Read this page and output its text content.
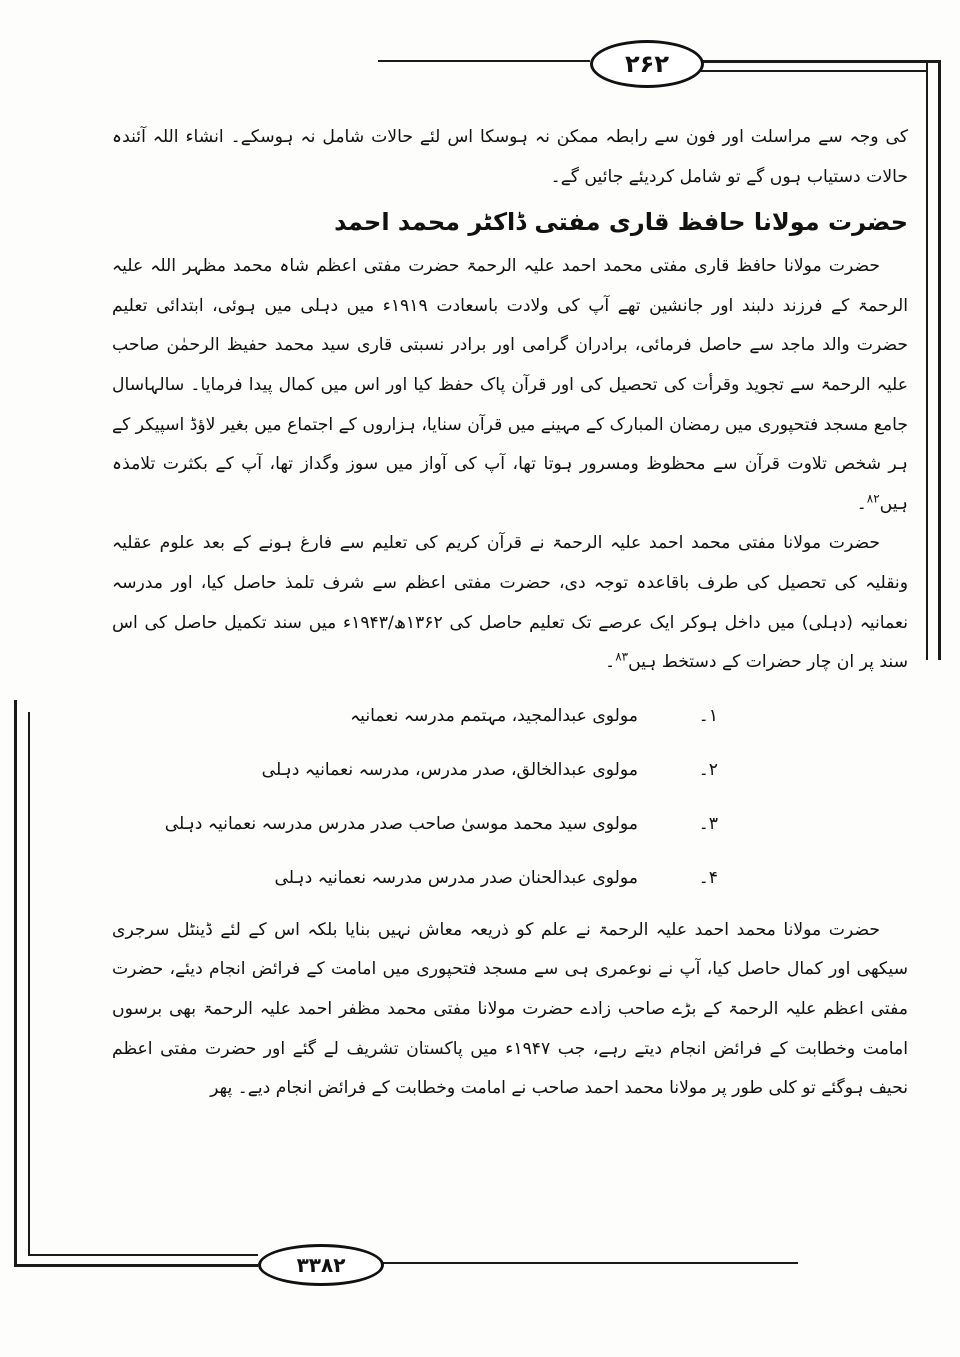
۲۶۲
۳۳۸۲

کی وجہ سے مراسلت اور فون سے رابطہ ممکن نہ ہوسکا اس لئے حالات شامل نہ ہوسکے۔ انشاء اللہ آئندہ حالات دستیاب ہوں گے تو شامل کردیئے جائیں گے۔

حضرت مولانا حافظ قاری مفتی ڈاکٹر محمد احمد

حضرت مولانا حافظ قاری مفتی محمد احمد علیہ الرحمۃ حضرت مفتی اعظم شاہ محمد مظہر اللہ علیہ الرحمۃ کے فرزند دلبند اور جانشین تھے آپ کی ولادت باسعادت ۱۹۱۹ء میں دہلی میں ہوئی، ابتدائی تعلیم حضرت والد ماجد سے حاصل فرمائی، برادران گرامی اور برادر نسبتی قاری سید محمد حفیظ الرحمٰن صاحب علیہ الرحمۃ سے تجوید وقرأت کی تحصیل کی اور قرآن پاک حفظ کیا اور اس میں کمال پیدا فرمایا۔ سالہاسال جامع مسجد فتحپوری میں رمضان المبارک کے مہینے میں قرآن سنایا، ہزاروں کے اجتماع میں بغیر لاؤڈ اسپیکر کے ہر شخص تلاوت قرآن سے محظوظ ومسرور ہوتا تھا، آپ کی آواز میں سوز وگداز تھا، آپ کے بکثرت تلامذہ ہیں$^{۸۲}$۔

حضرت مولانا مفتی محمد احمد علیہ الرحمۃ نے قرآن کریم کی تعلیم سے فارغ ہونے کے بعد علوم عقلیہ ونقلیہ کی تحصیل کی طرف باقاعدہ توجہ دی، حضرت مفتی اعظم سے شرف تلمذ حاصل کیا، اور مدرسہ نعمانیہ (دہلی) میں داخل ہوکر ایک عرصے تک تعلیم حاصل کی ۱۳۶۲ھ/۱۹۴۳ء میں سند تکمیل حاصل کی اس سند پر ان چار حضرات کے دستخط ہیں$^{۸۳}$۔

۱۔
مولوی عبدالمجید، مہتمم مدرسہ نعمانیہ
۲۔
مولوی عبدالخالق، صدر مدرس، مدرسہ نعمانیہ دہلی
۳۔
مولوی سید محمد موسیٰ صاحب صدر مدرس مدرسہ نعمانیہ دہلی
۴۔
مولوی عبدالحنان صدر مدرس مدرسہ نعمانیہ دہلی

حضرت مولانا محمد احمد علیہ الرحمۃ نے علم کو ذریعہ معاش نہیں بنایا بلکہ اس کے لئے ڈینٹل سرجری سیکھی اور کمال حاصل کیا، آپ نے نوعمری ہی سے مسجد فتحپوری میں امامت کے فرائض انجام دیئے، حضرت مفتی اعظم علیہ الرحمۃ کے بڑے صاحب زادے حضرت مولانا مفتی محمد مظفر احمد علیہ الرحمۃ بھی برسوں امامت وخطابت کے فرائض انجام دیتے رہے، جب ۱۹۴۷ء میں پاکستان تشریف لے گئے اور حضرت مفتی اعظم نحیف ہوگئے تو کلی طور پر مولانا محمد احمد صاحب نے امامت وخطابت کے فرائض انجام دیے۔ پھر
